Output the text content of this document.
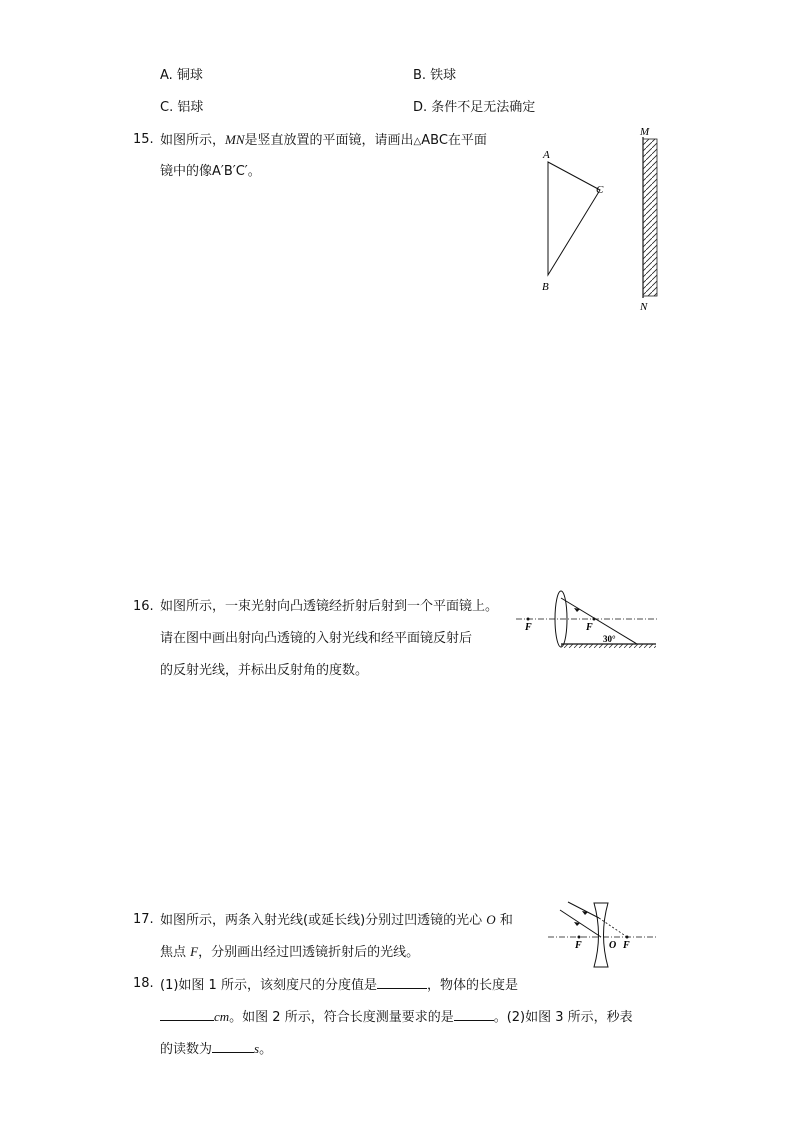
A. 铜球	B. 铁球
C. 铝球	D. 条件不足无法确定
15. 如图所示，MN是竖直放置的平面镜，请画出△ABC在平面
镜中的像A′B′C′。
A
C
B
M
N
16. 如图所示，一束光射向凸透镜经折射后射到一个平面镜上。
请在图中画出射向凸透镜的入射光线和经平面镜反射后
的反射光线，并标出反射角的度数。
F	F
30°
17. 如图所示，两条入射光线(或延长线)分别过凹透镜的光心 O 和
焦点 F，分别画出经过凹透镜折射后的光线。	F	O F
18. (1)如图 1 所示，该刻度尺的分度值是	，物体的长度是
cm。如图 2 所示，符合长度测量要求的是	。(2)如图 3 所示，秒表
的读数为	s。
